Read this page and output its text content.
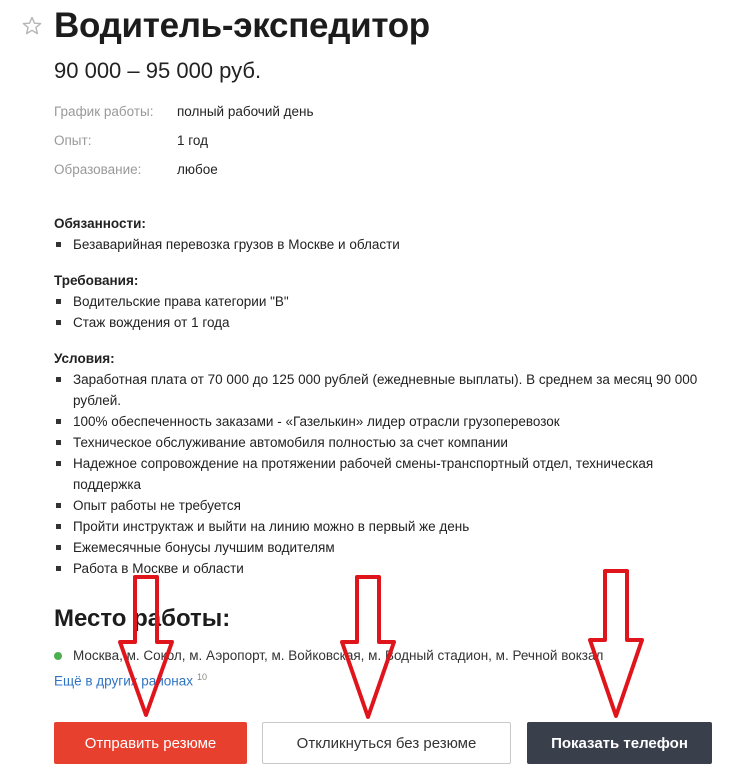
Водитель-экспедитор
90 000 – 95 000 руб.
График работы:	полный рабочий день
Опыт:	1 год
Образование:	любое
Обязанности:
Безаварийная перевозка грузов в Москве и области
Требования:
Водительские права категории "В"
Стаж вождения от 1 года
Условия:
Заработная плата от 70 000 до 125 000 рублей (ежедневные выплаты). В среднем за месяц 90 000 рублей.
100% обеспеченность заказами - «Газелькин» лидер отрасли грузоперевозок
Техническое обслуживание автомобиля полностью за счет компании
Надежное сопровождение на протяжении рабочей смены-транспортный отдел, техническая поддержка
Опыт работы не требуется
Пройти инструктаж и выйти на линию можно в первый же день
Ежемесячные бонусы лучшим водителям
Работа в Москве и области
Место работы:
Москва, м. Сокол, м. Аэропорт, м. Войковская, м. Водный стадион, м. Речной вокзал
Ещё в других районах $^{10}$
Отправить резюме	Откликнуться без резюме	Показать телефон
